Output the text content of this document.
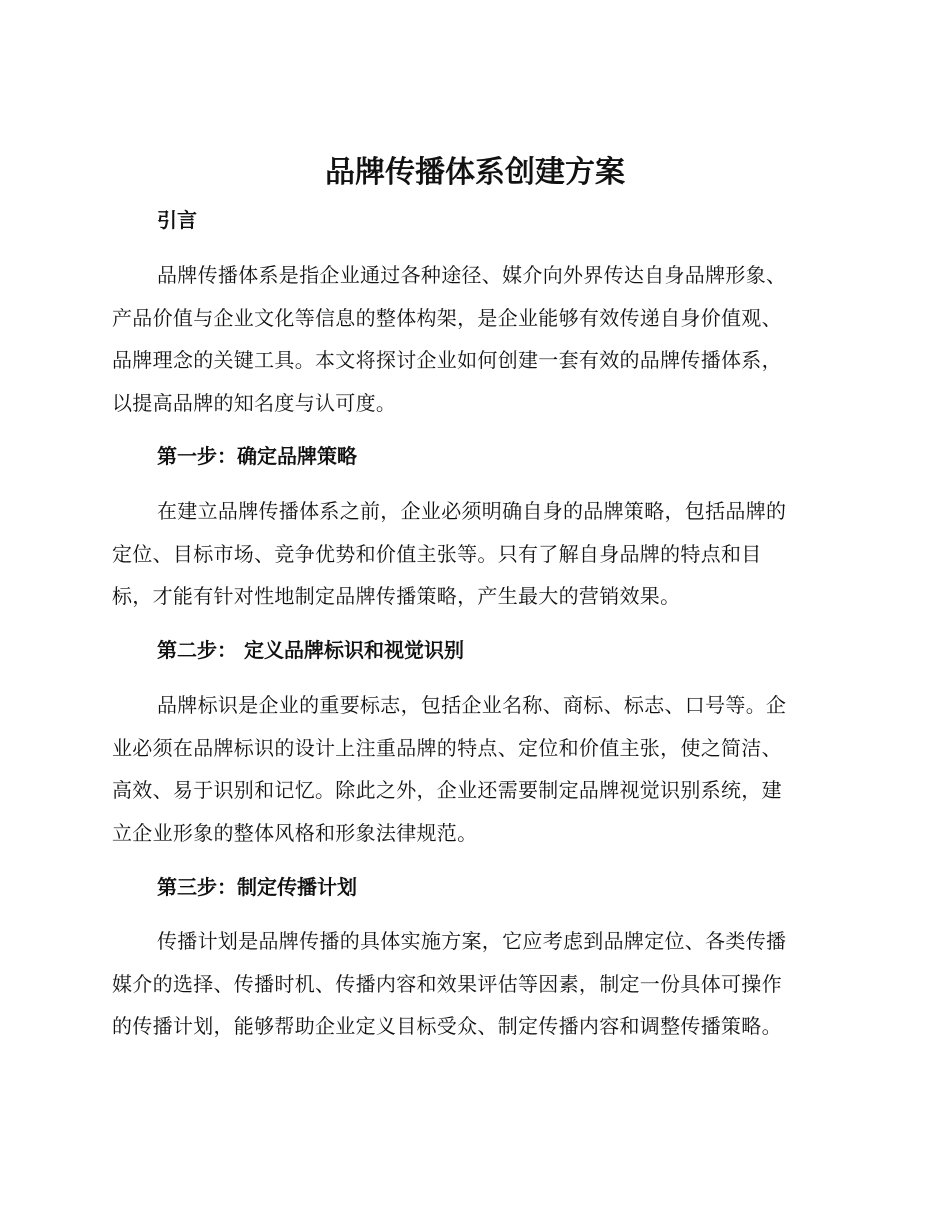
品牌传播体系创建方案
引言
品牌传播体系是指企业通过各种途径、媒介向外界传达自身品牌形象、
产品价值与企业文化等信息的整体构架，是企业能够有效传递自身价值观、
品牌理念的关键工具。本文将探讨企业如何创建一套有效的品牌传播体系，
以提高品牌的知名度与认可度。
第一步：确定品牌策略
在建立品牌传播体系之前，企业必须明确自身的品牌策略，包括品牌的
定位、目标市场、竞争优势和价值主张等。只有了解自身品牌的特点和目
标，才能有针对性地制定品牌传播策略，产生最大的营销效果。
第二步： 定义品牌标识和视觉识别
品牌标识是企业的重要标志，包括企业名称、商标、标志、口号等。企
业必须在品牌标识的设计上注重品牌的特点、定位和价值主张，使之简洁、
高效、易于识别和记忆。除此之外，企业还需要制定品牌视觉识别系统，建
立企业形象的整体风格和形象法律规范。
第三步：制定传播计划
传播计划是品牌传播的具体实施方案，它应考虑到品牌定位、各类传播
媒介的选择、传播时机、传播内容和效果评估等因素，制定一份具体可操作
的传播计划，能够帮助企业定义目标受众、制定传播内容和调整传播策略。
